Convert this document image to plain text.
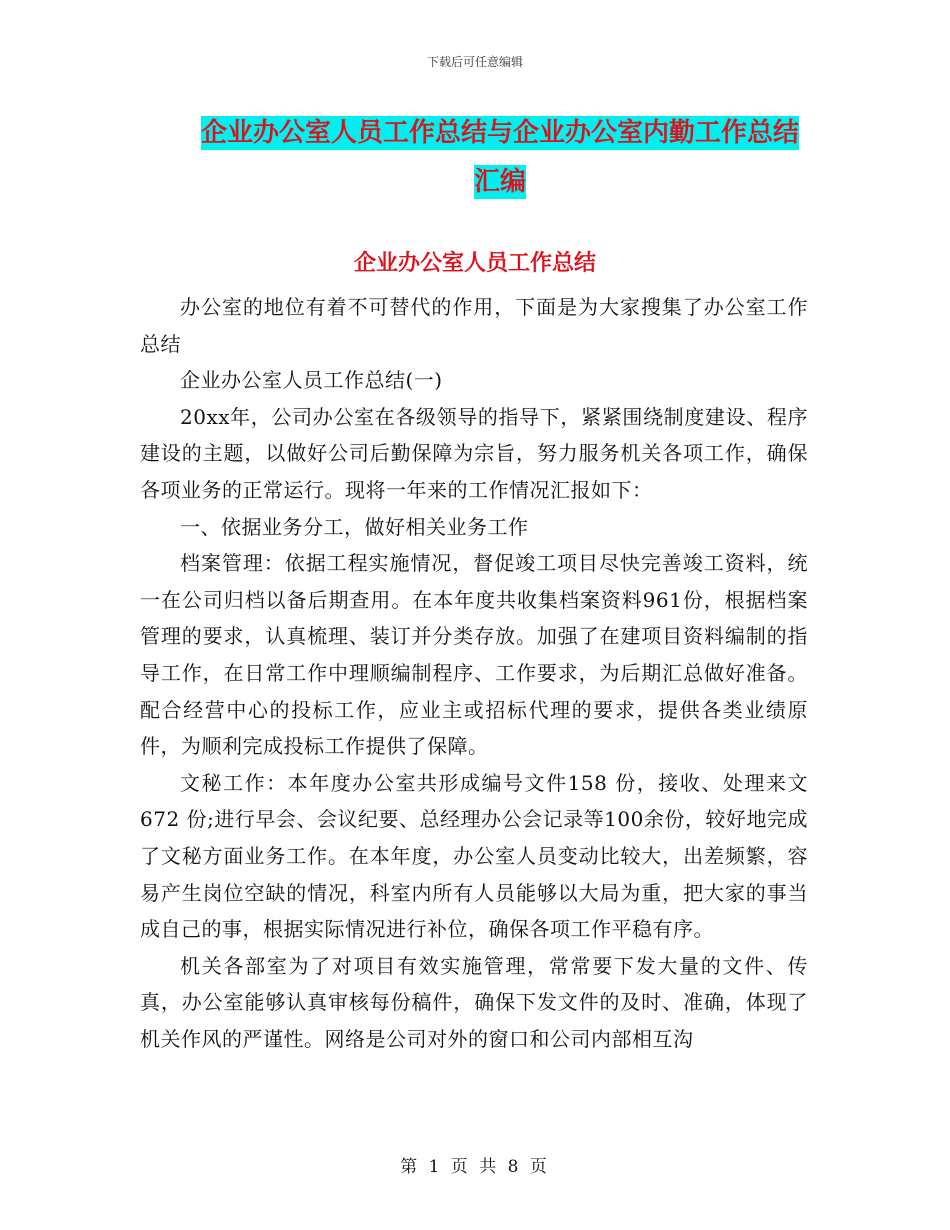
下载后可任意编辑
企业办公室人员工作总结与企业办公室内勤工作总结
汇编
企业办公室人员工作总结

办公室的地位有着不可替代的作用，下面是为大家搜集了办公室工作总结

企业办公室人员工作总结(一)

20xx年，公司办公室在各级领导的指导下，紧紧围绕制度建设、程序建设的主题，以做好公司后勤保障为宗旨，努力服务机关各项工作，确保各项业务的正常运行。现将一年来的工作情况汇报如下：

一、依据业务分工，做好相关业务工作

档案管理：依据工程实施情况，督促竣工项目尽快完善竣工资料，统一在公司归档以备后期查用。在本年度共收集档案资料961份，根据档案管理的要求，认真梳理、装订并分类存放。加强了在建项目资料编制的指导工作，在日常工作中理顺编制程序、工作要求，为后期汇总做好准备。配合经营中心的投标工作，应业主或招标代理的要求，提供各类业绩原件，为顺利完成投标工作提供了保障。

文秘工作：本年度办公室共形成编号文件158 份，接收、处理来文672 份;进行早会、会议纪要、总经理办公会记录等100余份，较好地完成了文秘方面业务工作。在本年度，办公室人员变动比较大，出差频繁，容易产生岗位空缺的情况，科室内所有人员能够以大局为重，把大家的事当成自己的事，根据实际情况进行补位，确保各项工作平稳有序。

机关各部室为了对项目有效实施管理，常常要下发大量的文件、传真，办公室能够认真审核每份稿件，确保下发文件的及时、准确，体现了机关作风的严谨性。网络是公司对外的窗口和公司内部相互沟

第 1 页 共 8 页
